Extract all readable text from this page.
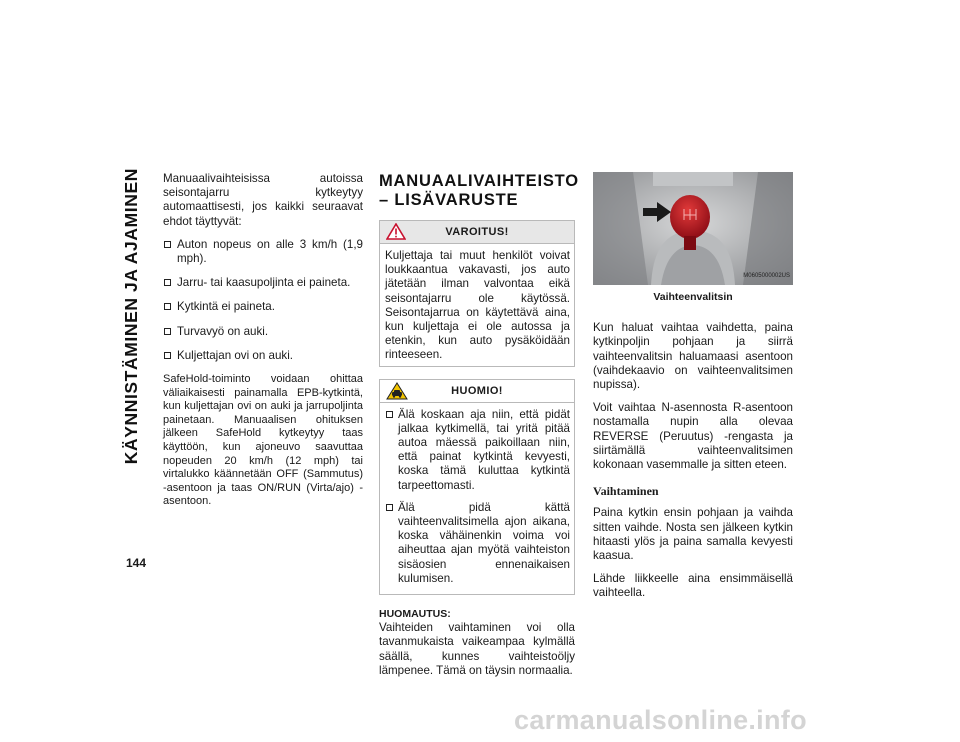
KÄYNNISTÄMINEN JA AJAMINEN
144

Manuaalivaihteisissa autoissa seisontajarru kytkeytyy automaattisesti, jos kaikki seuraavat ehdot täyttyvät:

Auton nopeus on alle 3 km/h (1,9 mph).
Jarru- tai kaasupoljinta ei paineta.
Kytkintä ei paineta.
Turvavyö on auki.
Kuljettajan ovi on auki.
SafeHold-toiminto voidaan ohittaa väliaikaisesti painamalla EPB-kytkintä, kun kuljettajan ovi on auki ja jarrupoljinta painetaan. Manuaalisen ohituksen jälkeen SafeHold kytkeytyy taas käyttöön, kun ajoneuvo saavuttaa nopeuden 20 km/h (12 mph) tai virtalukko käännetään OFF (Sammutus) -asentoon ja taas ON/RUN (Virta/ajo) -asentoon.
MANUAALIVAIHTEISTO – LISÄVARUSTE
VAROITUS!

Kuljettaja tai muut henkilöt voivat loukkaantua vakavasti, jos auto jätetään ilman valvontaa eikä seisontajarru ole käytössä. Seisontajarrua on käytettävä aina, kun kuljettaja ei ole autossa ja etenkin, kun auto pysäköidään rinteeseen.

HUOMIO!
Älä koskaan aja niin, että pidät jalkaa kytkimellä, tai yritä pitää autoa mäessä paikoillaan niin, että painat kytkintä kevyesti, koska tämä kuluttaa kytkintä tarpeettomasti.
Älä pidä kättä vaihteenvalitsimella ajon aikana, koska vähäinenkin voima voi aiheuttaa ajan myötä vaihteiston sisäosien ennenaikaisen kulumisen.
HUOMAUTUS:

Vaihteiden vaihtaminen voi olla tavanmukaista vaikeampaa kylmällä säällä, kunnes vaihteistoöljy lämpenee. Tämä on täysin normaalia.

M0605000002US
Vaihteenvalitsin

Kun haluat vaihtaa vaihdetta, paina kytkinpoljin pohjaan ja siirrä vaihteenvalitsin haluamaasi asentoon (vaihdekaavio on vaihteenvalitsimen nupissa).

Voit vaihtaa N-asennosta R-asentoon nostamalla nupin alla olevaa REVERSE (Peruutus) -rengasta ja siirtämällä vaihteenvalitsimen kokonaan vasemmalle ja sitten eteen.

Vaihtaminen

Paina kytkin ensin pohjaan ja vaihda sitten vaihde. Nosta sen jälkeen kytkin hitaasti ylös ja paina samalla kevyesti kaasua.

Lähde liikkeelle aina ensimmäisellä vaihteella.

carmanualsonline.info
